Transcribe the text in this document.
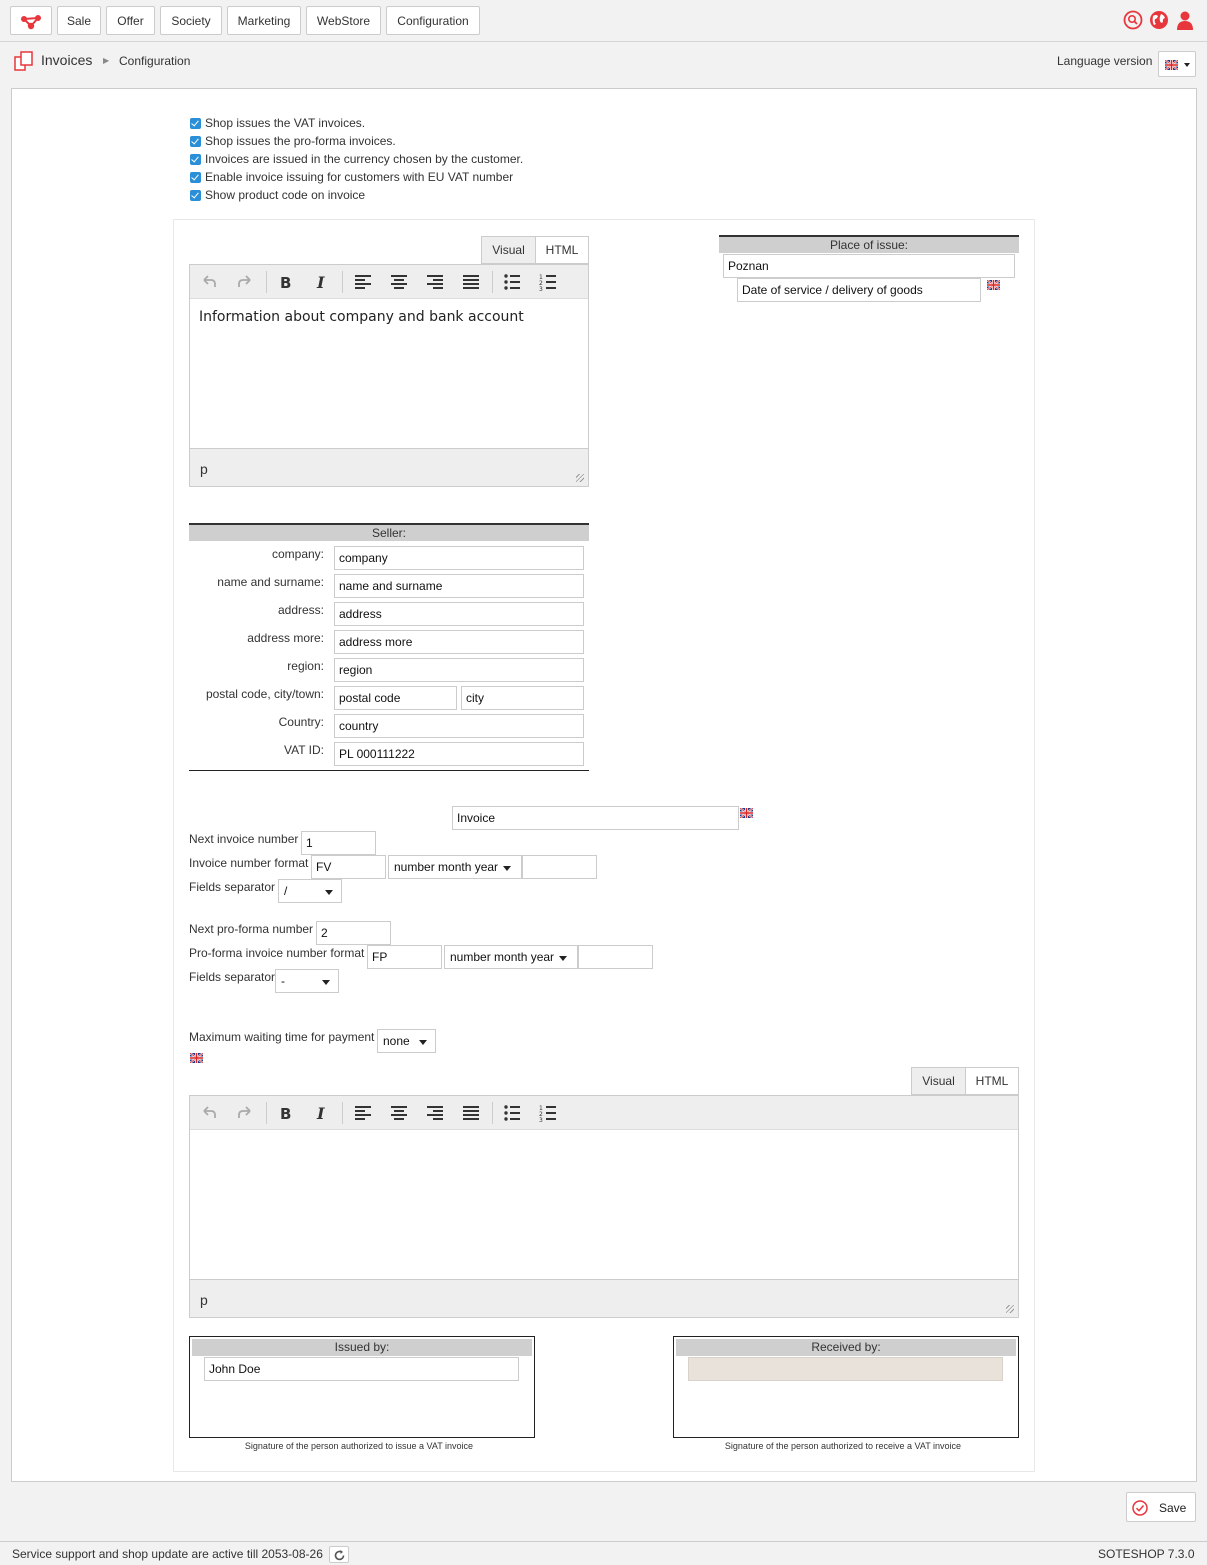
Sale	Offer	Society	Marketing	WebStore	Configuration
Invoices ▶ Configuration	Language version
Shop issues the VAT invoices.
Shop issues the pro-forma invoices.
Invoices are issued in the currency chosen by the customer.
Enable invoice issuing for customers with EU VAT number
Show product code on invoice
Visual	HTML
B I	1
2
3
Information about company and bank account
p
Place of issue:
Poznan
Date of service / delivery of goods
Seller:
company:	company
name and surname:	name and surname
address:	address
address more:	address more
region:	region
postal code, city/town:	postal code	city
Country:	country
VAT ID:	PL 000111222
Invoice
Next invoice number 1
Invoice number format FV	number month year
Fields separator /
Next pro-forma number 2
Pro-forma invoice number format FP	number month year
Fields separator -
Maximum waiting time for payment none
Visual	HTML
B I	1
2
3
p
Issued by:
John Doe
Signature of the person authorized to issue a VAT invoice
Received by:
Signature of the person authorized to receive a VAT invoice
Save
Service support and shop update are active till 2053-08-26	SOTESHOP 7.3.0
